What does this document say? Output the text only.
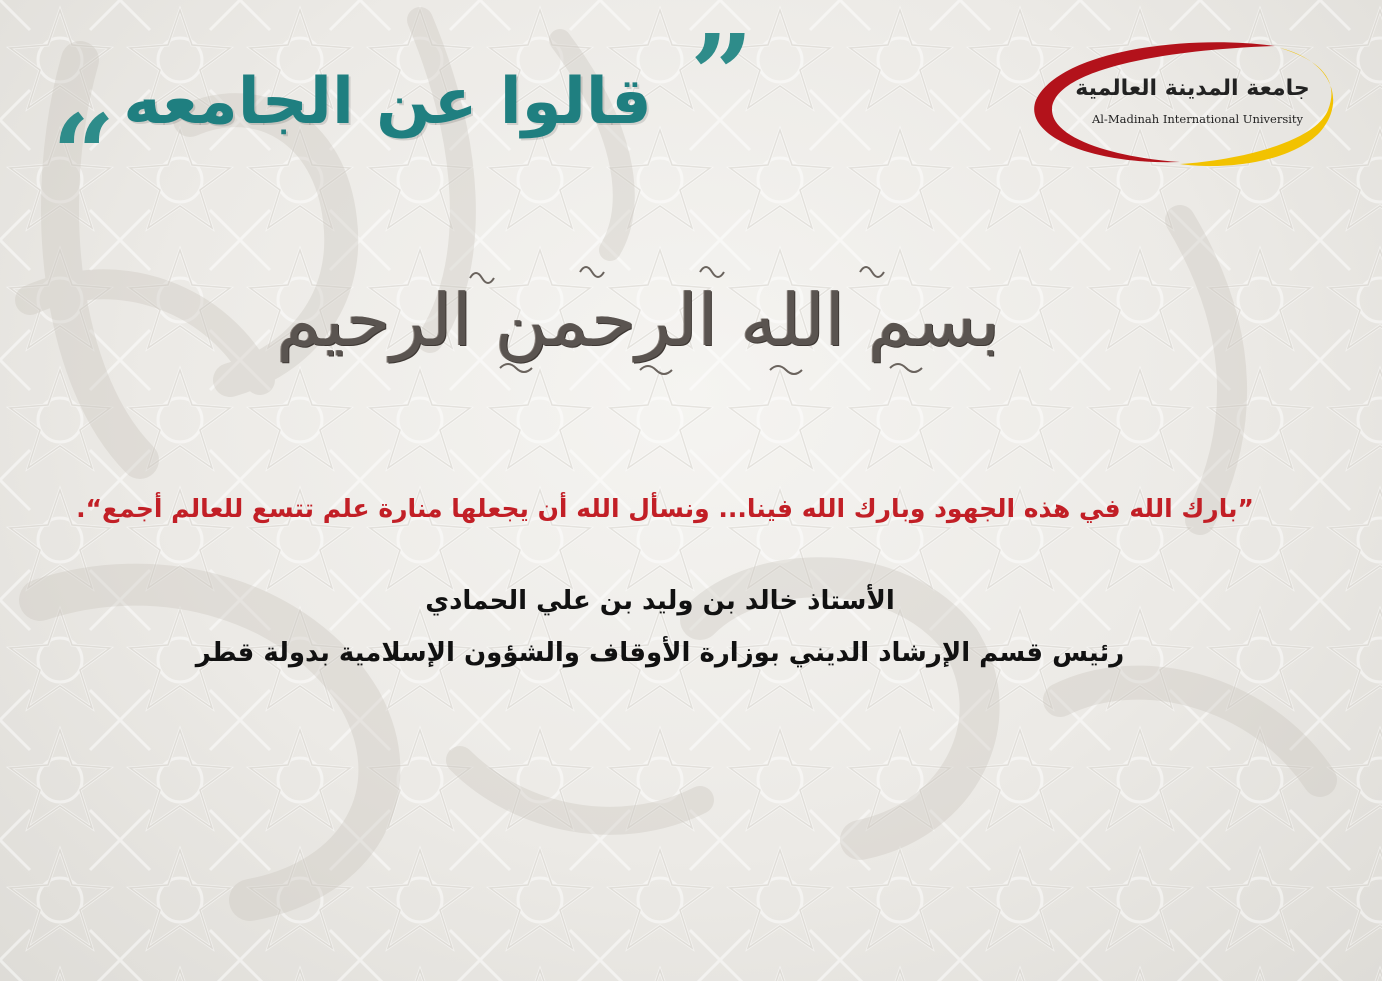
”
قالوا عن الجامعه
“
جامعة المدينة العالمية
Al-Madinah International University
بسم الله الرحمن الرحيم
”بارك الله في هذه الجهود وبارك الله فينا... ونسأل الله أن يجعلها منارة علم تتسع للعالم أجمع“.
الأستاذ خالد بن وليد بن علي الحمادي
رئيس قسم الإرشاد الديني بوزارة الأوقاف والشؤون الإسلامية بدولة قطر
